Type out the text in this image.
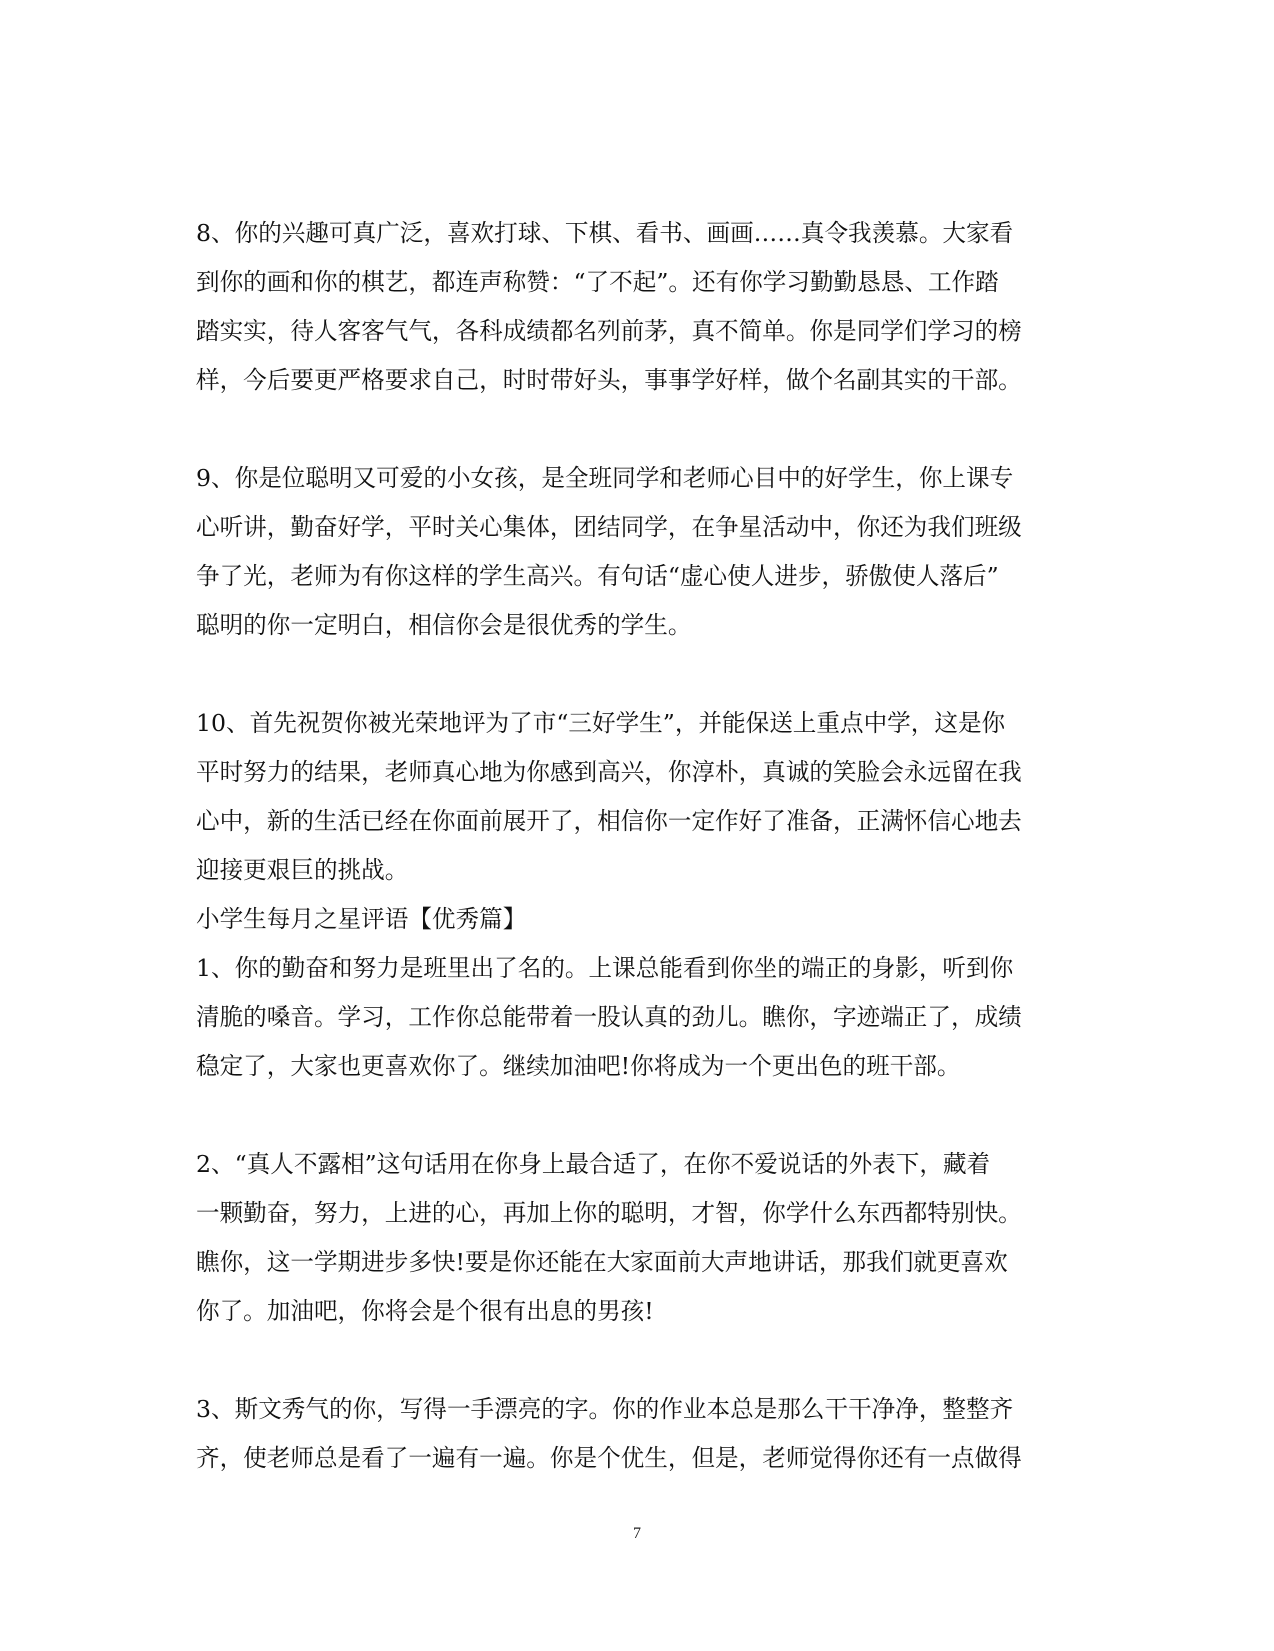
8、你的兴趣可真广泛，喜欢打球、下棋、看书、画画……真令我羡慕。大家看

到你的画和你的棋艺，都连声称赞：“了不起”。还有你学习勤勤恳恳、工作踏

踏实实，待人客客气气，各科成绩都名列前茅，真不简单。你是同学们学习的榜

样，今后要更严格要求自己，时时带好头，事事学好样，做个名副其实的干部。

9、你是位聪明又可爱的小女孩，是全班同学和老师心目中的好学生，你上课专

心听讲，勤奋好学，平时关心集体，团结同学，在争星活动中，你还为我们班级

争了光，老师为有你这样的学生高兴。有句话“虚心使人进步，骄傲使人落后”

聪明的你一定明白，相信你会是很优秀的学生。

10、首先祝贺你被光荣地评为了市“三好学生”，并能保送上重点中学，这是你

平时努力的结果，老师真心地为你感到高兴，你淳朴，真诚的笑脸会永远留在我

心中，新的生活已经在你面前展开了，相信你一定作好了准备，正满怀信心地去

迎接更艰巨的挑战。

小学生每月之星评语【优秀篇】

1、你的勤奋和努力是班里出了名的。上课总能看到你坐的端正的身影，听到你

清脆的嗓音。学习，工作你总能带着一股认真的劲儿。瞧你，字迹端正了，成绩

稳定了，大家也更喜欢你了。继续加油吧!你将成为一个更出色的班干部。

2、“真人不露相”这句话用在你身上最合适了，在你不爱说话的外表下，藏着

一颗勤奋，努力，上进的心，再加上你的聪明，才智，你学什么东西都特别快。

瞧你，这一学期进步多快!要是你还能在大家面前大声地讲话，那我们就更喜欢

你了。加油吧，你将会是个很有出息的男孩!

3、斯文秀气的你，写得一手漂亮的字。你的作业本总是那么干干净净，整整齐

齐，使老师总是看了一遍有一遍。你是个优生，但是，老师觉得你还有一点做得

7
